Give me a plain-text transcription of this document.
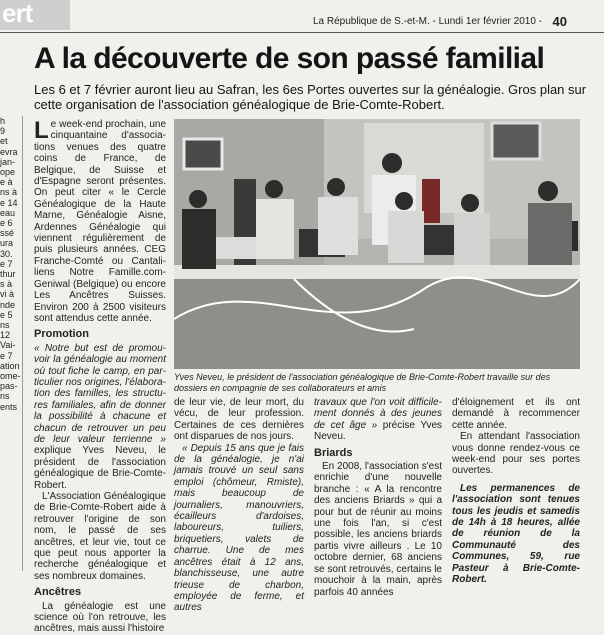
ert	La République de S.-et-M. - Lundi 1er février 2010 - 40
h
9
et
evra
jan-
ope
e à
ns à
e 14
eau
e 6
ssé
ura
30.
e 7
thur
s à
vi à
nde
e 5
ns
12
Vai-
e 7
ation
ome-
pas-
ns
ents
A la découverte de son passé familial
Les 6 et 7 février auront lieu au Safran, les 6es Portes ouvertes sur la généalogie. Gros plan sur cette organisation de l'association généalogique de Brie-Comte-Robert.

Le week-end prochain, une cinquantaine d'associations venues des quatre coins de France, de Belgique, de Suisse et d'Espagne seront présentes. On peut citer « le Cercle Généalogique de la Haute Marne, Généalogie Aisne, Ardennes Généalogie qui viennent régulièrement de puis plusieurs années. CEG Franche-Comté ou Cantaliliens Notre Famille.com-Geniwal (Belgique) ou encore Les Ancêtres Suisses. Environ 200 à 2500 visiteurs sont attendus cette année.

Promotion

« Notre but est de promouvoir la généalogie au moment où tout fiche le camp, en particulier nos origines, l'élaboration des familles, les structures familiales, afin de donner la possibilité à chacune et chacun de retrouver un peu de leur valeur terrienne » explique Yves Neveu, le président de l'association généalogique de Brie-Comte-Robert.

L'Association Généalogique de Brie-Comte-Robert aide à retrouver l'origine de son nom, le passé de ses ancêtres, et leur vie, tout ce que peut nous apporter la recherche généalogique et ses nombreux domaines.

Ancêtres

La généalogie est une science où l'on retrouve, les ancêtres, mais aussi l'histoire

Yves Neveu, le président de l'association généalogique de Brie-Comte-Robert travaille sur des dossiers en compagnie de ses collaborateurs et amis

de leur vie, de leur mort, du vécu, de leur profession. Certaines de ces dernières ont disparues de nos jours.

« Depuis 15 ans que je fais de la généalogie, je n'ai jamais trouvé un seul sans emploi (chômeur, Rmiste), mais beaucoup de journaliers, manouvriers, écailleurs d'ardoises, laboureurs, tuiliers, briquetiers, valets de charrue. Une de mes ancêtres était à 12 ans, blanchisseuse, une autre trieuse de charbon, employée de ferme, et autres

travaux que l'on voit difficilement donnés à des jeunes de cet âge » précise Yves Neveu.

Briards

En 2008, l'association s'est enrichie d'une nouvelle branche : « A la rencontre des anciens Briards » qui a pour but de réunir au moins une fois l'an, si c'est possible, les anciens briards partis vivre ailleurs . Le 10 octobre dernier, 68 anciens se sont retrouvés, certains le mouchoir à la main, après parfois 40 années

d'éloignement et ils ont demandé à recommencer cette année.

En attendant l'association vous donne rendez-vous ce week-end pour ses portes ouvertes.

Les permanences de l'association sont tenues tous les jeudis et samedis de 14h à 18 heures, allée de réunion de la Communauté des Communes, 59, rue Pasteur à Brie-Comte-Robert.
